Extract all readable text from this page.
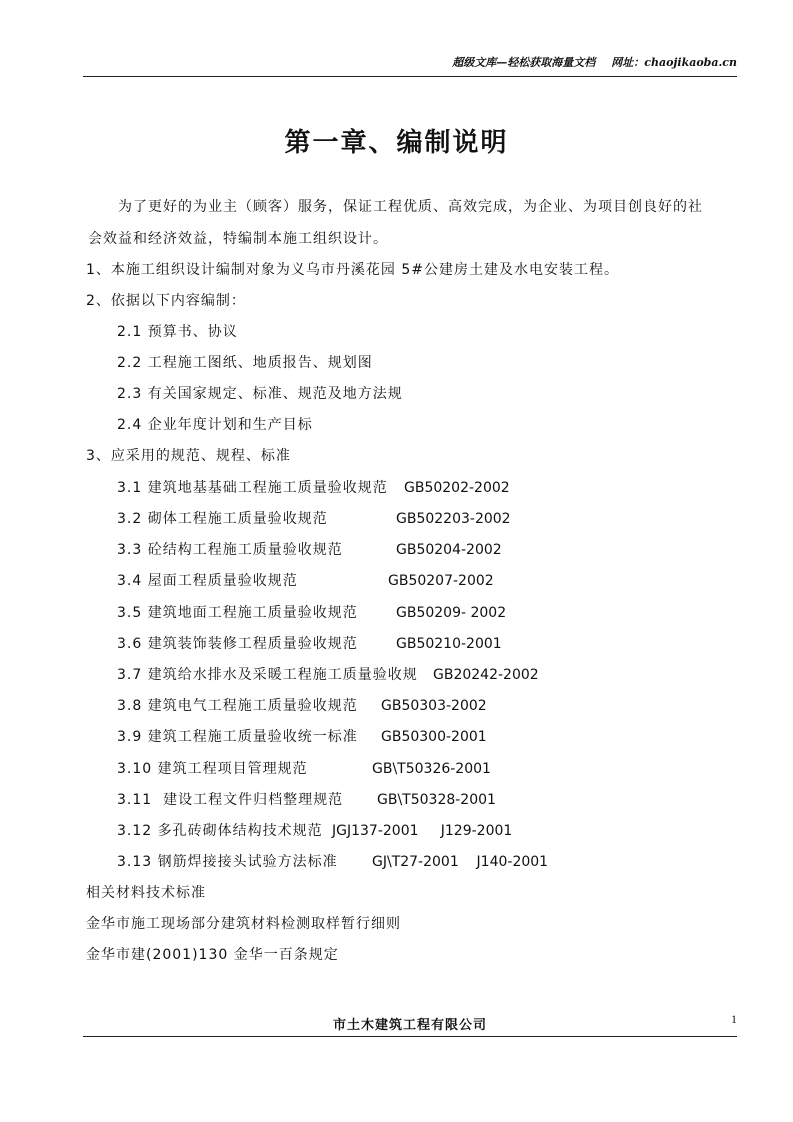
超级文库—轻松获取海量文档 网址：chaojikaoba.cn
第一章、编制说明
为了更好的为业主（顾客）服务，保证工程优质、高效完成，为企业、为项目创良好的社
会效益和经济效益，特编制本施工组织设计。
1、本施工组织设计编制对象为义乌市丹溪花园 5#公建房土建及水电安装工程。
2、依据以下内容编制：
2.1 预算书、协议
2.2 工程施工图纸、地质报告、规划图
2.3 有关国家规定、标准、规范及地方法规
2.4 企业年度计划和生产目标
3、应采用的规范、规程、标准
3.1 建筑地基基础工程施工质量验收规范 GB50202-2002
3.2 砌体工程施工质量验收规范	GB502203-2002
3.3 砼结构工程施工质量验收规范	GB50204-2002
3.4 屋面工程质量验收规范	GB50207-2002
3.5 建筑地面工程施工质量验收规范	GB50209- 2002
3.6 建筑装饰装修工程质量验收规范	GB50210-2001
3.7 建筑给水排水及采暖工程施工质量验收规 GB20242-2002
3.8 建筑电气工程施工质量验收规范 GB50303-2002
3.9 建筑工程施工质量验收统一标准 GB50300-2001
3.10 建筑工程项目管理规范	GB\T50326-2001
3.11  建设工程文件归档整理规范 GB\T50328-2001
3.12 多孔砖砌体结构技术规范 JGJ137-2001     J129-2001
3.13 钢筋焊接接头试验方法标准 GJ\T27-2001    J140-2001
相关材料技术标准
金华市施工现场部分建筑材料检测取样暂行细则
金华市建(2001)130 金华一百条规定
市土木建筑工程有限公司	1
